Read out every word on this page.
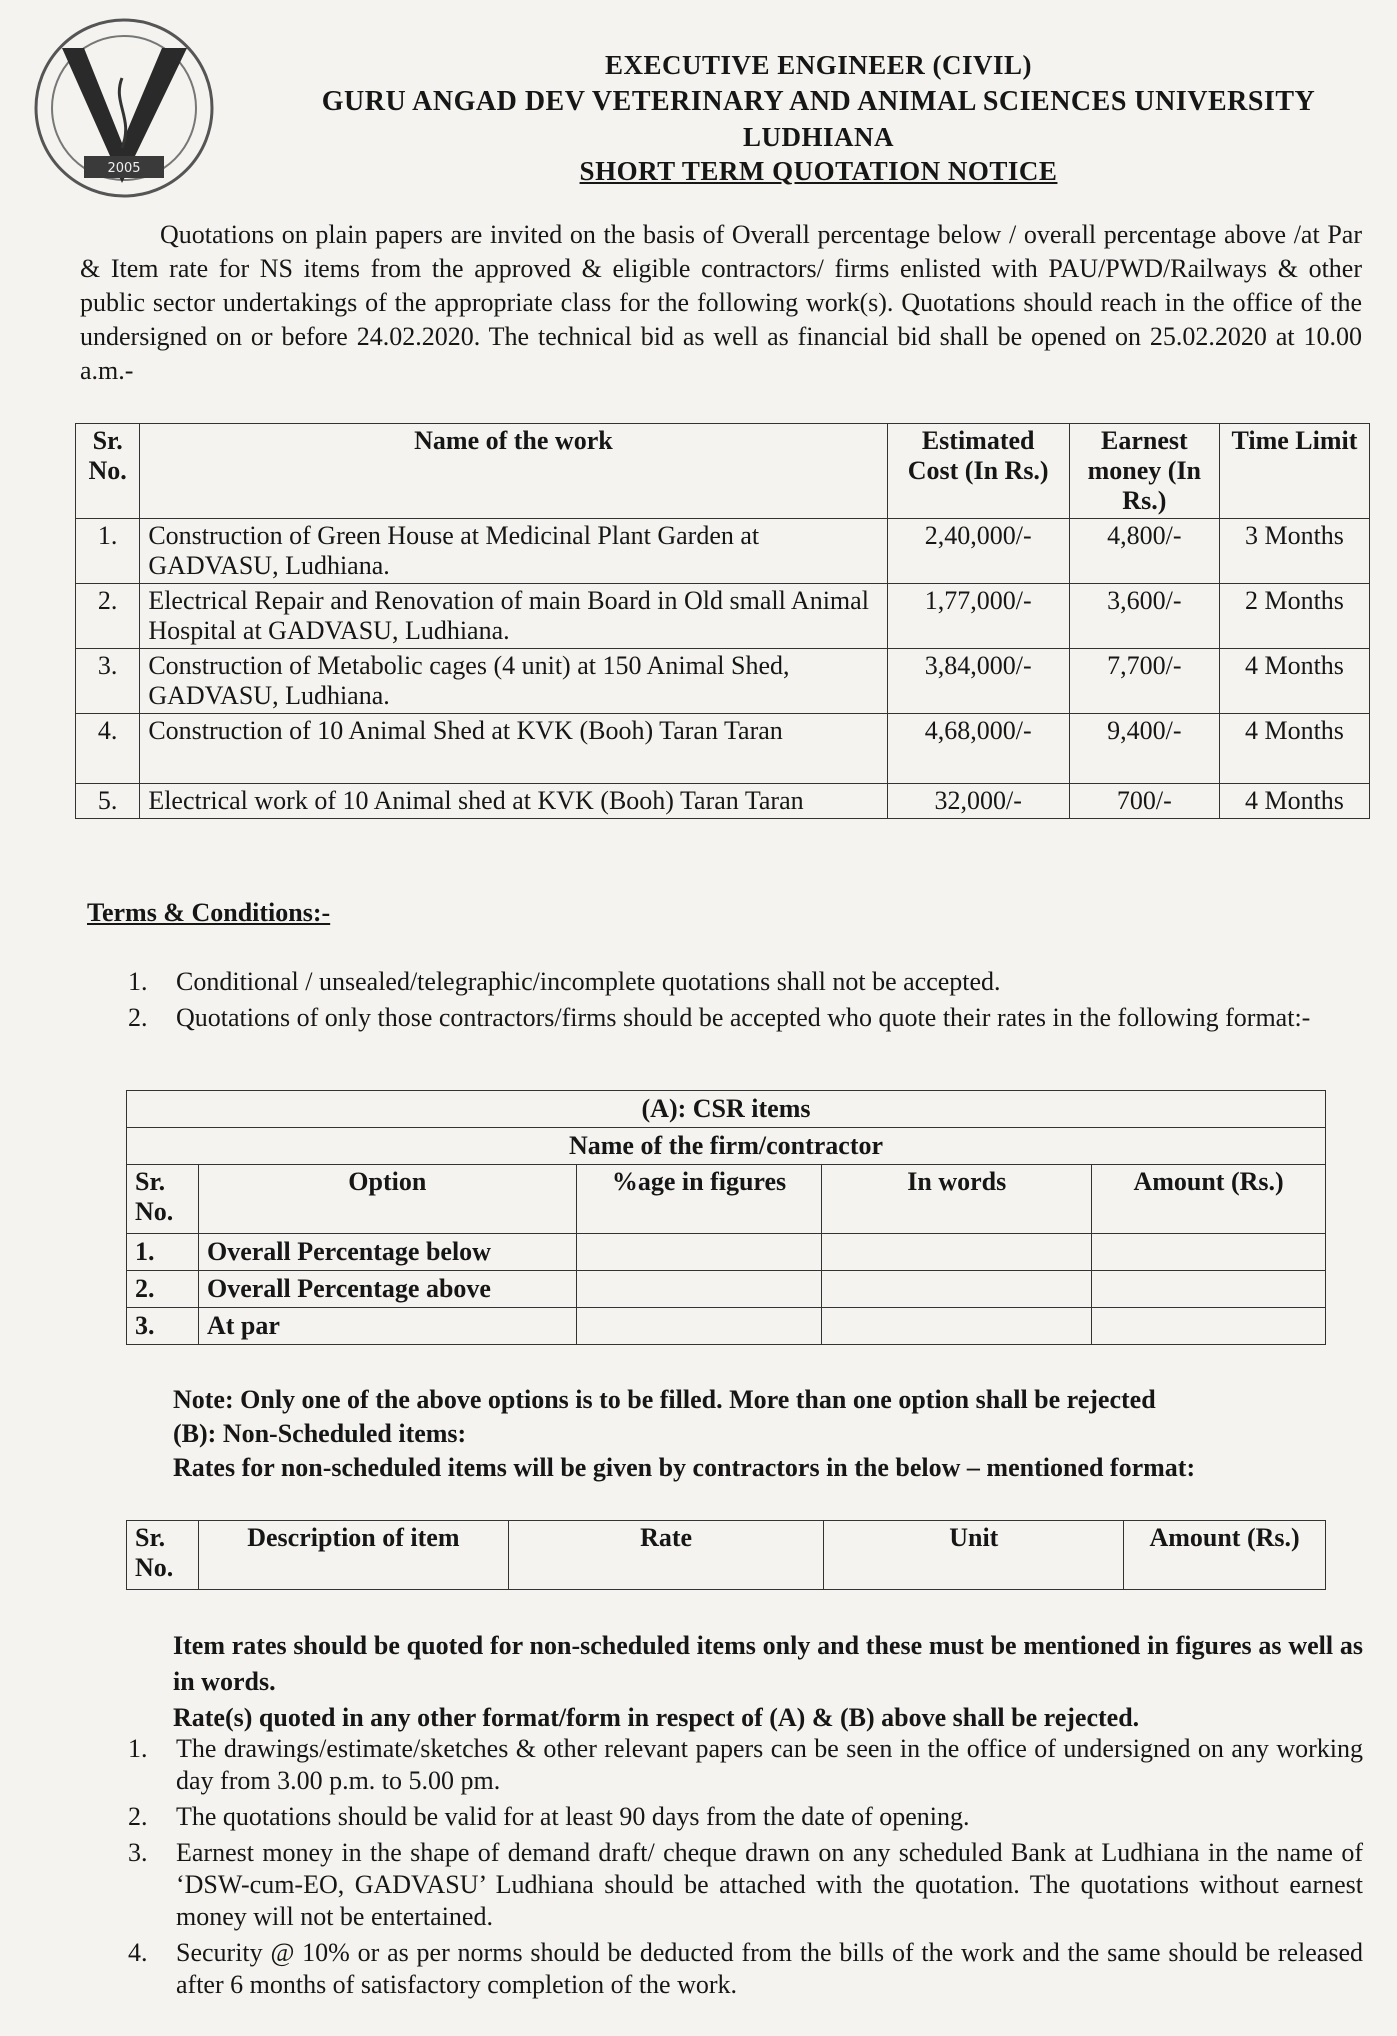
2005
EXECUTIVE ENGINEER (CIVIL)
GURU ANGAD DEV VETERINARY AND ANIMAL SCIENCES UNIVERSITY
LUDHIANA
SHORT TERM QUOTATION NOTICE
Quotations on plain papers are invited on the basis of Overall percentage below / overall percentage above /at Par & Item rate for NS items from the approved & eligible contractors/ firms enlisted with PAU/PWD/Railways & other public sector undertakings of the appropriate class for the following work(s). Quotations should reach in the office of the undersigned on or before 24.02.2020. The technical bid as well as financial bid shall be opened on 25.02.2020 at 10.00 a.m.-
Sr. No.	Name of the work	Estimated Cost (In Rs.)	Earnest money (In Rs.)	Time Limit
1.	Construction of Green House at Medicinal Plant Garden at GADVASU, Ludhiana.	2,40,000/-	4,800/-	3 Months
2.	Electrical Repair and Renovation of main Board in Old small Animal Hospital at GADVASU, Ludhiana.	1,77,000/-	3,600/-	2 Months
3.	Construction of Metabolic cages (4 unit) at 150 Animal Shed, GADVASU, Ludhiana.	3,84,000/-	7,700/-	4 Months
4.	Construction of 10 Animal Shed at KVK (Booh) Taran Taran	4,68,000/-	9,400/-	4 Months
5.	Electrical work of 10 Animal shed at KVK (Booh) Taran Taran	32,000/-	700/-	4 Months
Terms & Conditions:-
1. Conditional / unsealed/telegraphic/incomplete quotations shall not be accepted.
2. Quotations of only those contractors/firms should be accepted who quote their rates in the following format:-
(A): CSR items				
Name of the firm/contractor				
Sr. No.	Option	%age in figures	In words	Amount (Rs.)
1.	Overall Percentage below			
2.	Overall Percentage above			
3.	At par			
Note: Only one of the above options is to be filled. More than one option shall be rejected
(B): Non-Scheduled items:
Rates for non-scheduled items will be given by contractors in the below – mentioned format:
Sr. No.	Description of item	Rate	Unit	Amount (Rs.)
Item rates should be quoted for non-scheduled items only and these must be mentioned in figures as well as in words.
Rate(s) quoted in any other format/form in respect of (A) & (B) above shall be rejected.
1. The drawings/estimate/sketches & other relevant papers can be seen in the office of undersigned on any working day from 3.00 p.m. to 5.00 pm.
2. The quotations should be valid for at least 90 days from the date of opening.
3. Earnest money in the shape of demand draft/ cheque drawn on any scheduled Bank at Ludhiana in the name of ‘DSW-cum-EO, GADVASU’ Ludhiana should be attached with the quotation. The quotations without earnest money will not be entertained.
4. Security @ 10% or as per norms should be deducted from the bills of the work and the same should be released after 6 months of satisfactory completion of the work.
